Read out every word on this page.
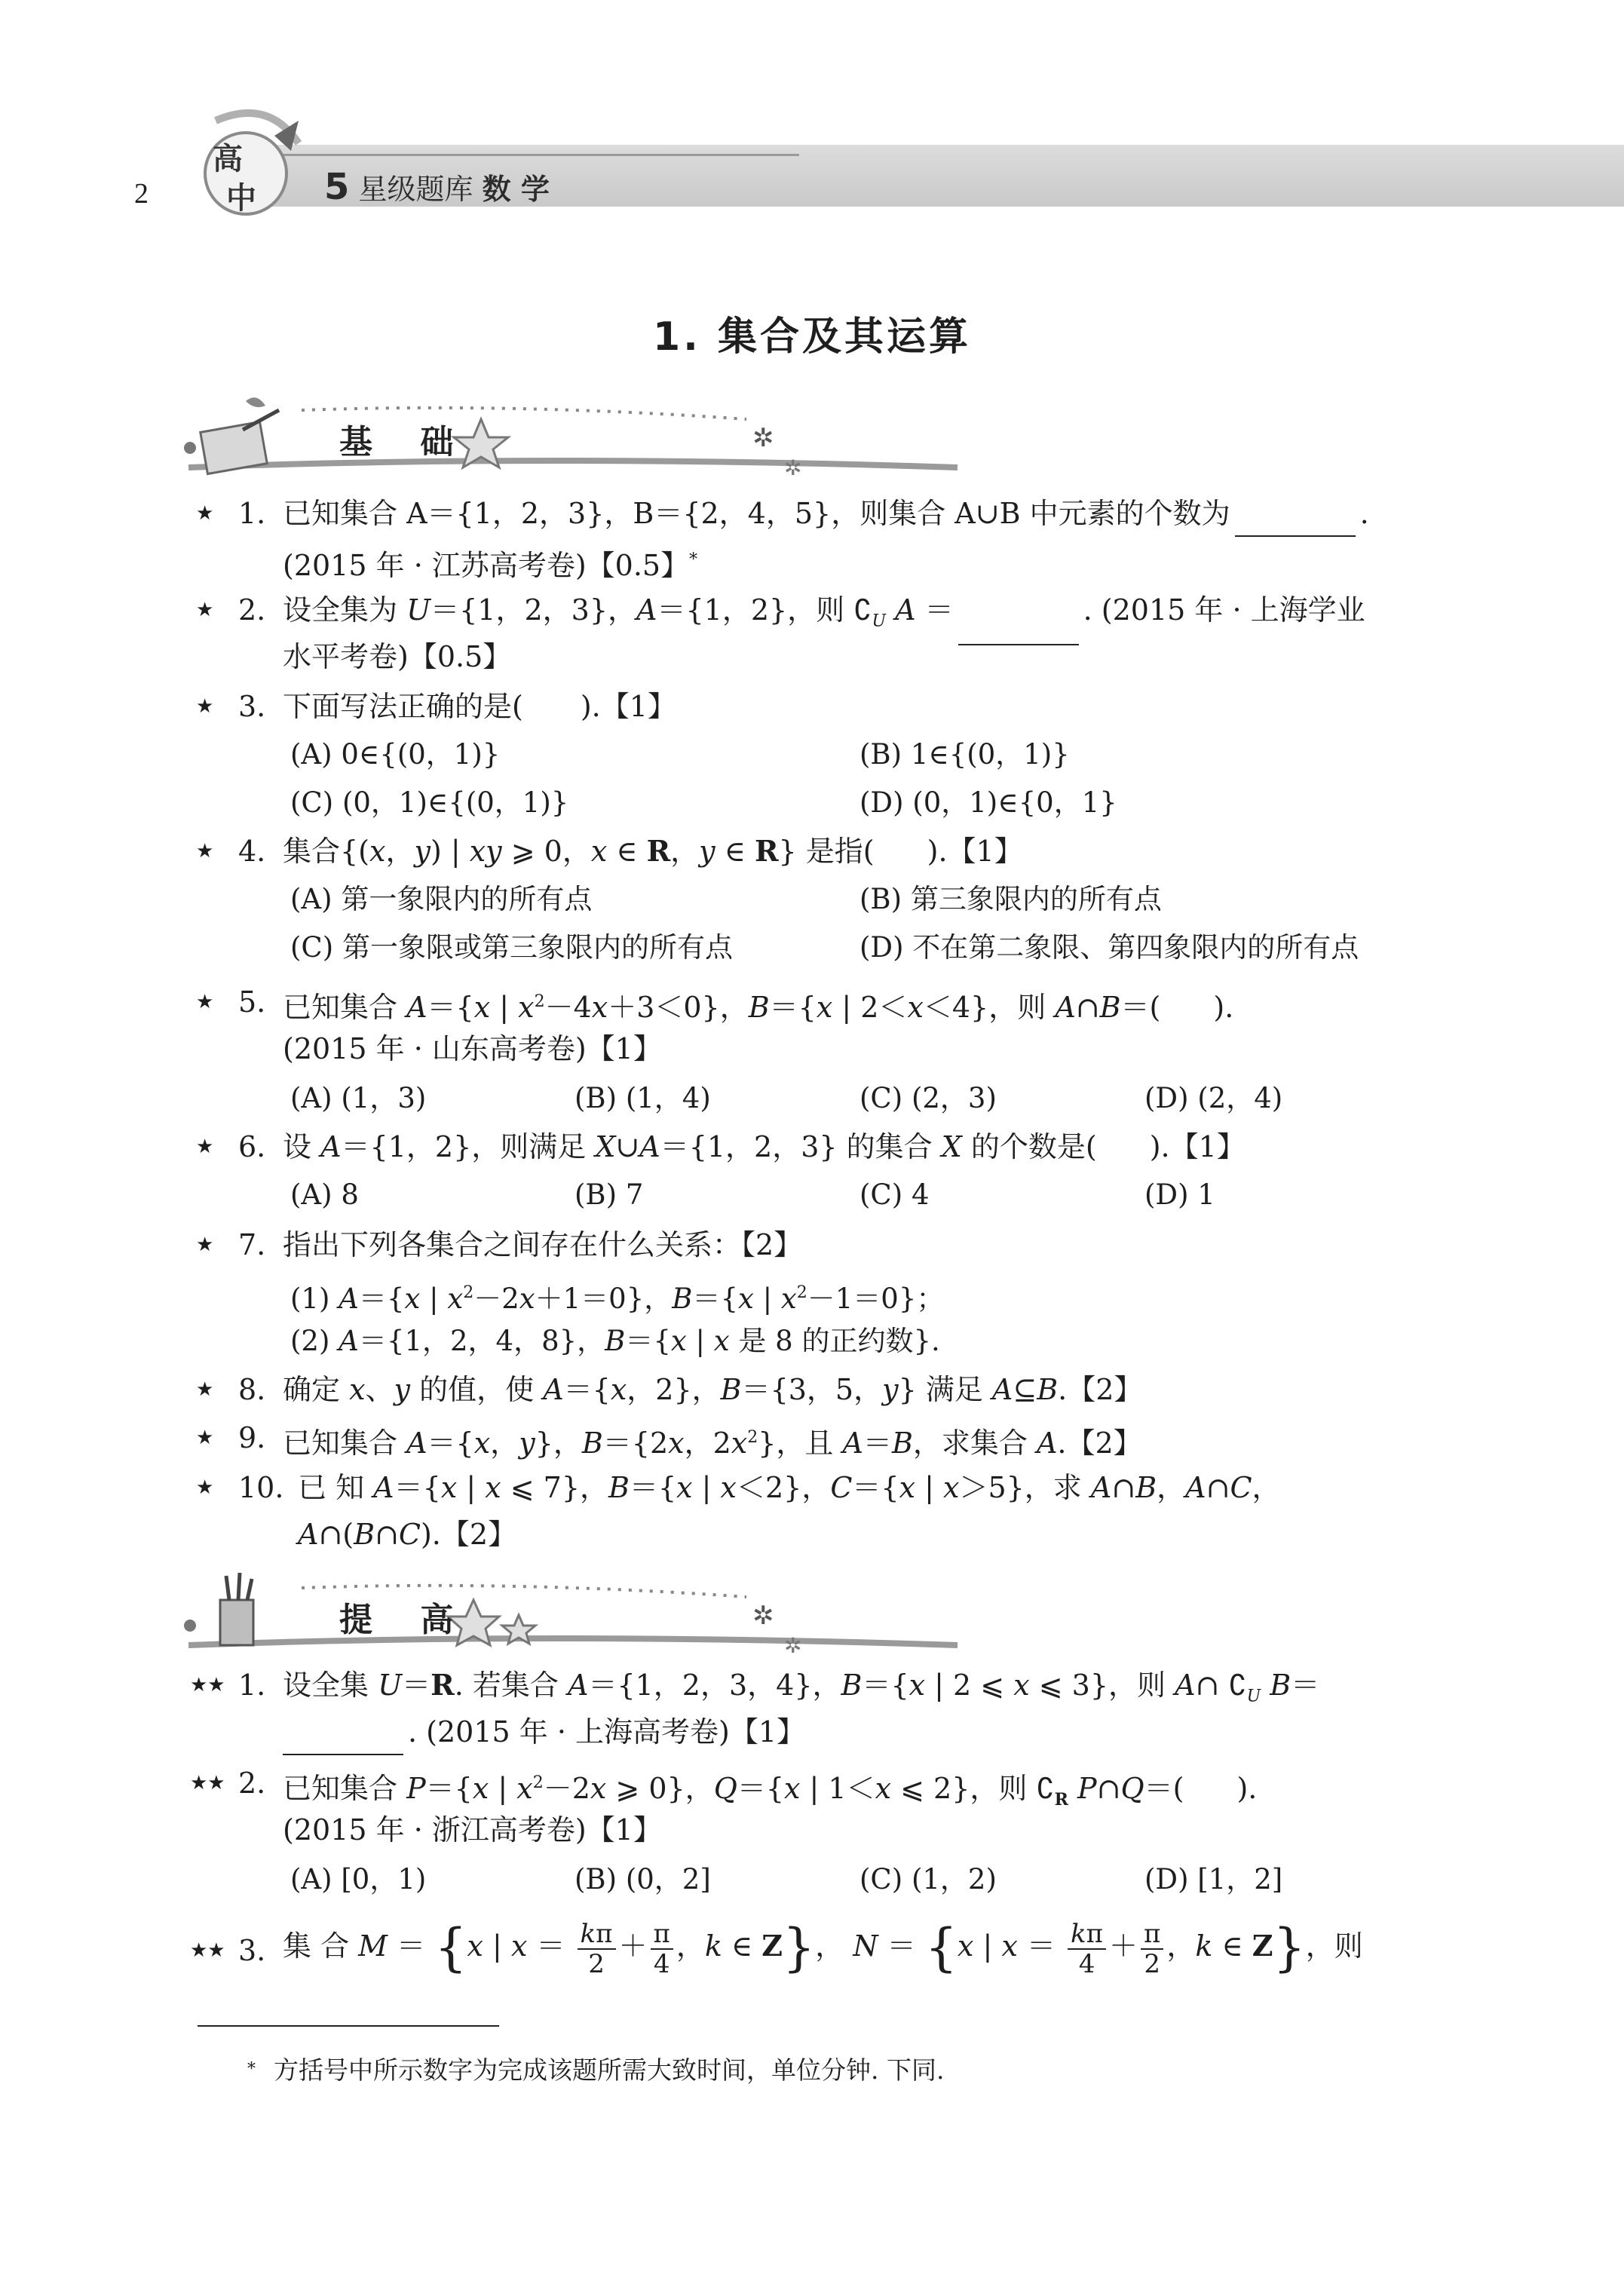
2
高
中 5 星级题库 数 学
1. 集合及其运算
✲
✲
基 础
★ 1. 已知集合 A＝{1，2，3}，B＝{2，4，5}，则集合 A∪B 中元素的个数为	.
(2015 年 · 江苏高考卷)【0.5】*
★ 2. 设全集为 U＝{1，2，3}，A＝{1，2}，则 $∁_U$ A ＝	. (2015 年 · 上海学业
水平考卷)【0.5】
★ 3. 下面写法正确的是(　　).【1】
(A) 0∈{(0，1)}	(B) 1∈{(0，1)}
(C) (0，1)∈{(0，1)}	(D) (0，1)∈{0，1}
★ 4. 集合{(x，y) | xy ⩾ 0，x ∈ R，y ∈ R} 是指( ).【1】
(A) 第一象限内的所有点	(B) 第三象限内的所有点
(C) 第一象限或第三象限内的所有点	(D) 不在第二象限、第四象限内的所有点
★ 5. 已知集合 A＝{x | $x^2-4x+3<0$}，B＝{x | 2＜x＜4}，则 A∩B＝( ).
(2015 年 · 山东高考卷)【1】
(A) (1，3)	(B) (1，4)	(C) (2，3)	(D) (2，4)
★ 6. 设 A＝{1，2}，则满足 X∪A＝{1，2，3} 的集合 X 的个数是( ).【1】
(A) 8	(B) 7	(C) 4	(D) 1
★ 7. 指出下列各集合之间存在什么关系：【2】
(1) A＝{x | $x^2-2x+1=0$}，B＝{x | $x^2-1=0$}；
(2) A＝{1，2，4，8}，B＝{x | x 是 8 的正约数}.
★ 8. 确定 x、y 的值，使 A＝{x，2}，B＝{3，5，y} 满足 A⊆B.【2】
★ 9. 已知集合 A＝{x，y}，B＝{2x，$2x^2$}，且 A＝B，求集合 A.【2】
★ 10. 已 知 A＝{x | x ⩽ 7}，B＝{x | x＜2}，C＝{x | x＞5}，求 A∩B，A∩C，
A∩(B∩C).【2】
✲
✲
提 高
★★ 1. 设全集 U＝R. 若集合 A＝{1，2，3，4}，B＝{x | 2 ⩽ x ⩽ 3}，则 A∩ $∁_U$ B＝
. (2015 年 · 上海高考卷)【1】
★★ 2. 已知集合 P＝{x | $x^2-2x$ ⩾ 0}，Q＝{x | 1＜x ⩽ 2}，则 $∁_R$ P∩Q＝( ).
(2015 年 · 浙江高考卷)【1】
(A) [0，1)	(B) (0，2]	(C) (1，2)	(D) [1，2]
★★ 3. 集 合 M ＝ {x | $x = \frac{k\pi}{2} + \frac{\pi}{4}$ ，k ∈ Z}， N ＝ {x | $x = \frac{k\pi}{4} + \frac{\pi}{2}$ ，k ∈ Z}，则
* 方括号中所示数字为完成该题所需大致时间，单位分钟. 下同.
